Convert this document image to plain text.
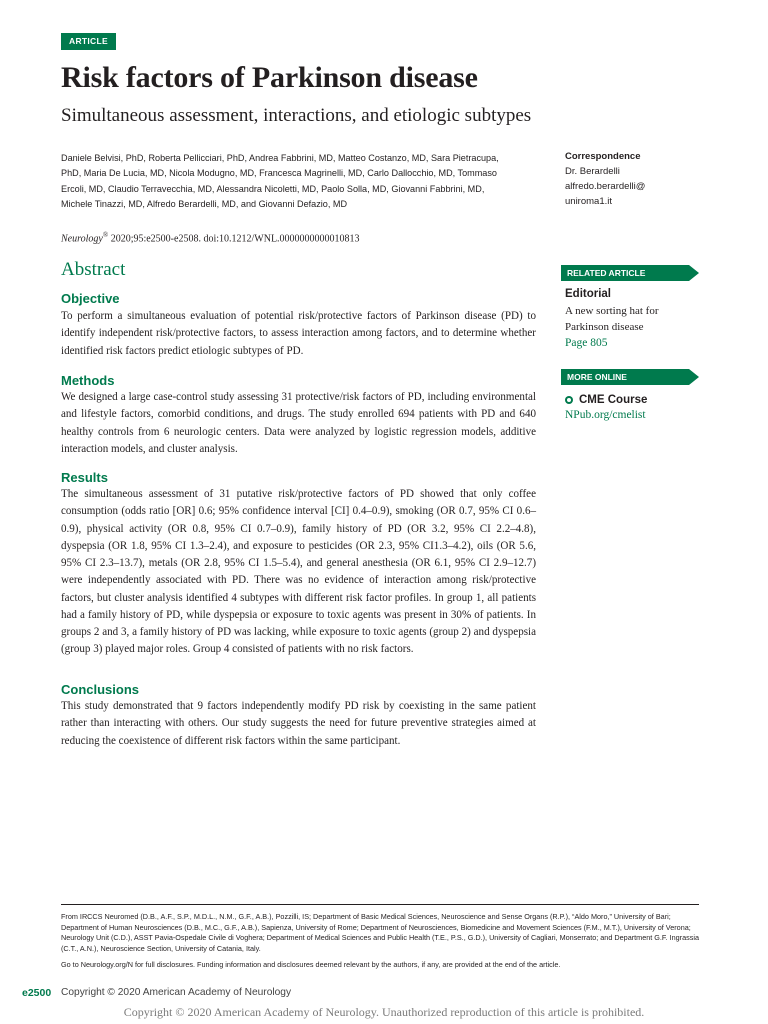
ARTICLE
Risk factors of Parkinson disease
Simultaneous assessment, interactions, and etiologic subtypes
Daniele Belvisi, PhD, Roberta Pellicciari, PhD, Andrea Fabbrini, MD, Matteo Costanzo, MD, Sara Pietracupa, PhD, Maria De Lucia, MD, Nicola Modugno, MD, Francesca Magrinelli, MD, Carlo Dallocchio, MD, Tommaso Ercoli, MD, Claudio Terravecchia, MD, Alessandra Nicoletti, MD, Paolo Solla, MD, Giovanni Fabbrini, MD, Michele Tinazzi, MD, Alfredo Berardelli, MD, and Giovanni Defazio, MD
Neurology® 2020;95:e2500-e2508. doi:10.1212/WNL.0000000000010813
Correspondence
Dr. Berardelli
alfredo.berardelli@
uniroma1.it
Abstract
Objective
To perform a simultaneous evaluation of potential risk/protective factors of Parkinson disease (PD) to identify independent risk/protective factors, to assess interaction among factors, and to determine whether identified risk factors predict etiologic subtypes of PD.
Methods
We designed a large case-control study assessing 31 protective/risk factors of PD, including environmental and lifestyle factors, comorbid conditions, and drugs. The study enrolled 694 patients with PD and 640 healthy controls from 6 neurologic centers. Data were analyzed by logistic regression models, additive interaction models, and cluster analysis.
Results
The simultaneous assessment of 31 putative risk/protective factors of PD showed that only coffee consumption (odds ratio [OR] 0.6; 95% confidence interval [CI] 0.4–0.9), smoking (OR 0.7, 95% CI 0.6–0.9), physical activity (OR 0.8, 95% CI 0.7–0.9), family history of PD (OR 3.2, 95% CI 2.2–4.8), dyspepsia (OR 1.8, 95% CI 1.3–2.4), and exposure to pesticides (OR 2.3, 95% CI1.3–4.2), oils (OR 5.6, 95% CI 2.3–13.7), metals (OR 2.8, 95% CI 1.5–5.4), and general anesthesia (OR 6.1, 95% CI 2.9–12.7) were independently associated with PD. There was no evidence of interaction among risk/protective factors, but cluster analysis identified 4 subtypes with different risk factor profiles. In group 1, all patients had a family history of PD, while dyspepsia or exposure to toxic agents was present in 30% of patients. In groups 2 and 3, a family history of PD was lacking, while exposure to toxic agents (group 2) and dyspepsia (group 3) played major roles. Group 4 consisted of patients with no risk factors.
Conclusions
This study demonstrated that 9 factors independently modify PD risk by coexisting in the same patient rather than interacting with others. Our study suggests the need for future preventive strategies aimed at reducing the coexistence of different risk factors within the same participant.
RELATED ARTICLE
Editorial
A new sorting hat for Parkinson disease
Page 805
MORE ONLINE
CME Course
NPub.org/cmelist
From IRCCS Neuromed (D.B., A.F., S.P., M.D.L., N.M., G.F., A.B.), Pozzilli, IS; Department of Basic Medical Sciences, Neuroscience and Sense Organs (R.P.), “Aldo Moro,” University of Bari; Department of Human Neurosciences (D.B., M.C., G.F., A.B.), Sapienza, University of Rome; Department of Neurosciences, Biomedicine and Movement Sciences (F.M., M.T.), University of Verona; Neurology Unit (C.D.), ASST Pavia-Ospedale Civile di Voghera; Department of Medical Sciences and Public Health (T.E., P.S., G.D.), University of Cagliari, Monserrato; and Department G.F. Ingrassia (C.T., A.N.), Neuroscience Section, University of Catania, Italy.
Go to Neurology.org/N for full disclosures. Funding information and disclosures deemed relevant by the authors, if any, are provided at the end of the article.
e2500 Copyright © 2020 American Academy of Neurology
Copyright © 2020 American Academy of Neurology. Unauthorized reproduction of this article is prohibited.
